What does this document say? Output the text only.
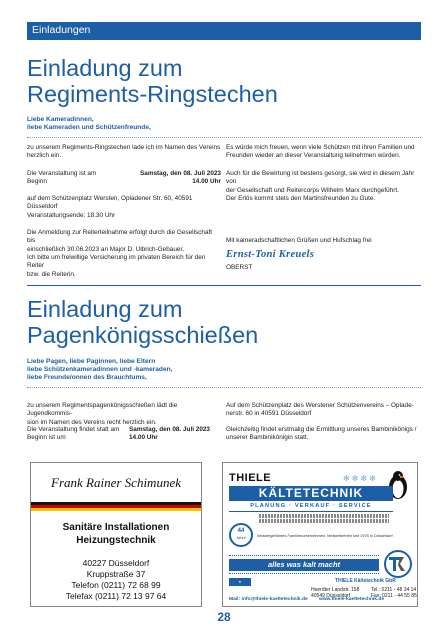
Einladungen
Einladung zum
Regiments-Ringstechen
Liebe Kameradinnen,
liebe Kameraden und Schützenfreunde,
zu unserem Regiments-Ringstechen lade ich im Namen des Vereins
herzlich ein.
Die Veranstaltung ist am	Samstag, den 08. Juli 2023
Beginn	14.00 Uhr
auf dem Schützenplatz Wersten, Opladener Str. 60, 40591 Düsseldorf
Veranstaltungsende: 18.30 Uhr
Die Anmeldung zur Reiterteilnahme erfolgt durch die Gesellschaft bis
einschließlich 30.06.2023 an Major D. Ulbrich-Gebauer.
Ich bitte um freiwillige Versicherung im privaten Bereich für den Reiter
bzw. die Reiterin.
Es würde mich freuen, wenn viele Schützen mit ihren Familien und
Freunden wieder an dieser Veranstaltung teilnehmen würden.
Auch für die Bewirtung ist bestens gesorgt, sie wird in diesem Jahr von
der Gesellschaft und Reitercorps Wilhelm Marx durchgeführt.
Der Erlös kommt stets den Martinsfreunden zu Gute.
Mit kameradschaftlichen Grüßen und Hufschlag frei
Ernst-Toni Kreuels
OBERST
Einladung zum
Pagenkönigsschießen
Liebe Pagen, liebe Paginnen, liebe Eltern
liebe Schützenkameradinnen und -kameraden,
liebe Freunde/onnen des Brauchtums,
zu unserem Regimentspagenkönigsschießen lädt die Jugendkommis-
sion im Namen des Vereins recht herzlich ein.
Die Veranstaltung findet statt am	Samstag, den 08. Juli 2023
Beginn ist um	14.00 Uhr
Auf dem Schützenplatz des Werstener Schützenvereins – Oplade-
nerstr. 60 in 40591 Düsseldorf
Gleichzeitig findet erstmalig die Ermittlung unseres Bambinikönigs /
unserer Bambinikönigin statt.
Frank Rainer Schimunek
Sanitäre Installationen
Heizungstechnik
40227 Düsseldorf
Kruppstraße 37
Telefon (0211) 72 68 99
Telefax (0211) 72 13 97 64
THIELE	✻✻✻✻
KÄLTETECHNIK
PLANUNG · VERKAUF · SERVICE
44
Jahre	Inhabergeführtes Familienunternehmen, Meisterbetrieb seit 1975 in Düsseldorf
alles was kalt macht
THIELE Kältetechnik GbR
★
Heerdter Landstr. 158
40549 Düsseldorf
Tel.: 0211 - 48 34 14
Fax: 0211 - 44 55 85
Mail: info@thiele-kaeltetechnik.de www.thiele-kaeltetechnik.de
28
